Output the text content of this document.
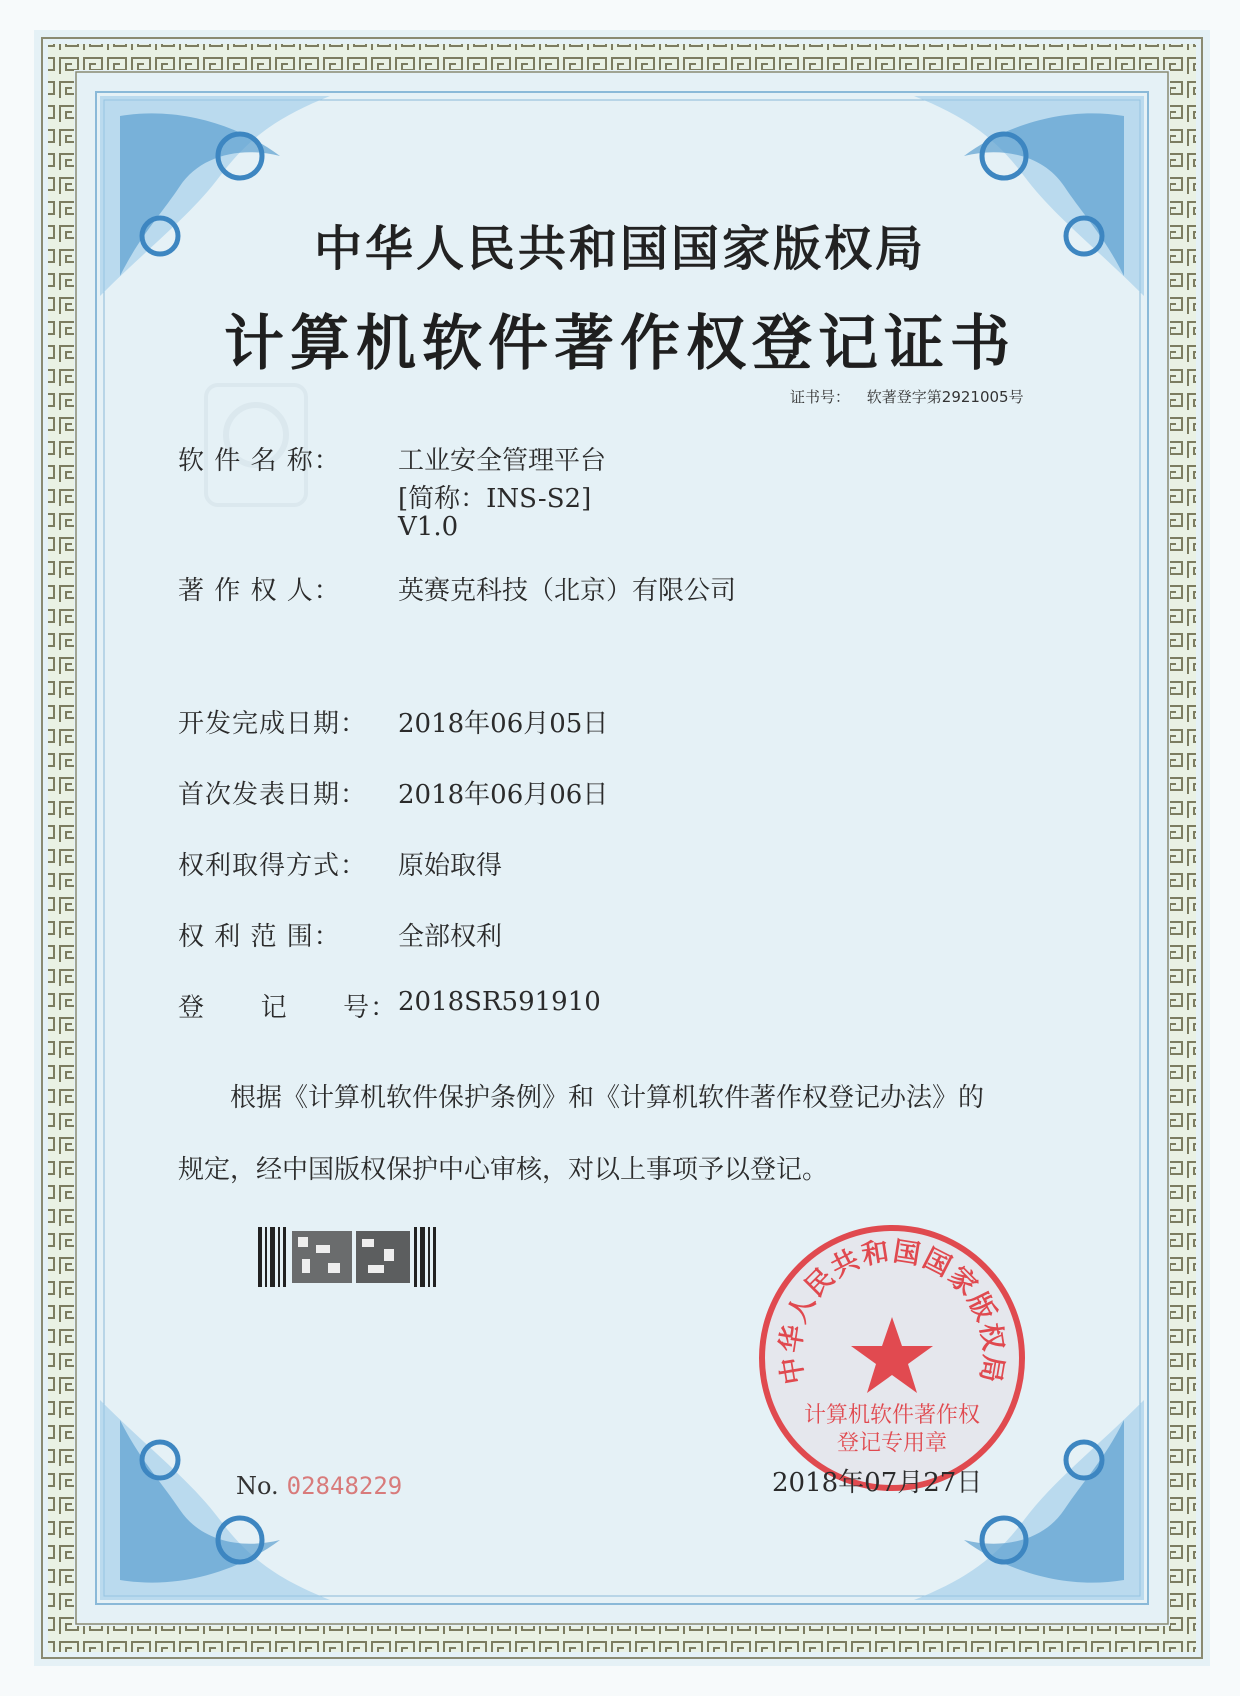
中华人民共和国国家版权局
计算机软件著作权登记证书
证书号： 软著登字第2921005号
软 件 名 称： 工业安全管理平台
[简称：INS-S2]
V1.0
著 作 权 人： 英赛克科技（北京）有限公司
开发完成日期： 2018年06月05日
首次发表日期： 2018年06月06日
权利取得方式： 原始取得
权 利 范 围： 全部权利
登      记      号： 2018SR591910
根据《计算机软件保护条例》和《计算机软件著作权登记办法》的
规定，经中国版权保护中心审核，对以上事项予以登记。
中华人民共和国国家版权局
计算机软件著作权
登记专用章
No. 02848229	2018年07月27日
